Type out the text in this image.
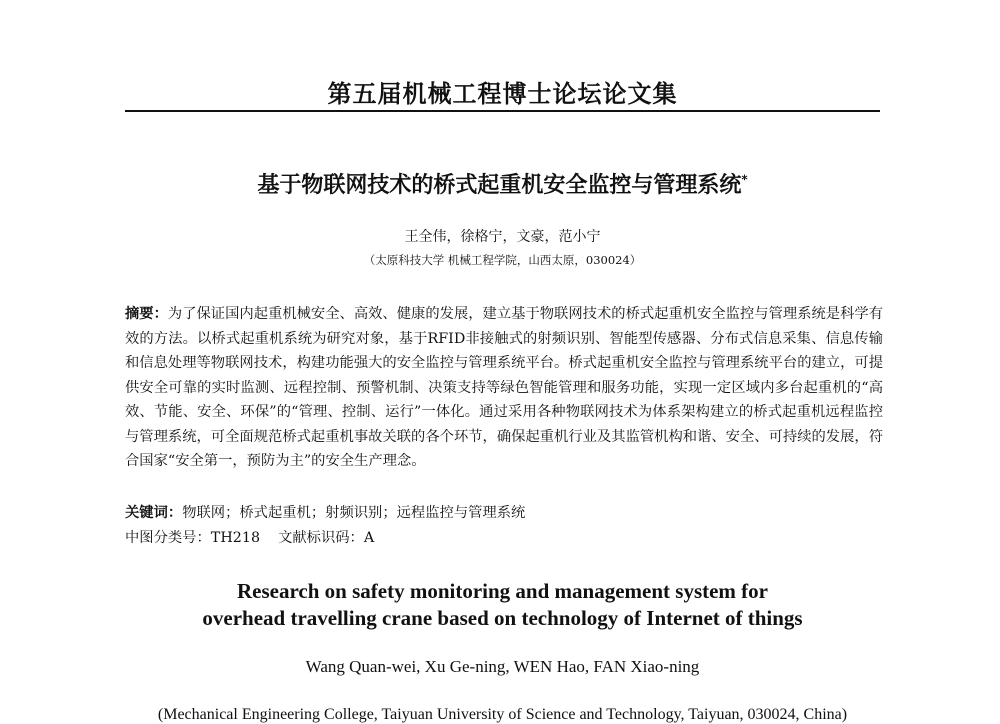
第五届机械工程博士论坛论文集
基于物联网技术的桥式起重机安全监控与管理系统*
王全伟，徐格宁，文豪，范小宁
（太原科技大学 机械工程学院，山西太原，030024）
摘要：为了保证国内起重机械安全、高效、健康的发展，建立基于物联网技术的桥式起重机安全监控与管理系统是科学有效的方法。以桥式起重机系统为研究对象，基于RFID非接触式的射频识别、智能型传感器、分布式信息采集、信息传输和信息处理等物联网技术，构建功能强大的安全监控与管理系统平台。桥式起重机安全监控与管理系统平台的建立，可提供安全可靠的实时监测、远程控制、预警机制、决策支持等绿色智能管理和服务功能，实现一定区域内多台起重机的“高效、节能、安全、环保”的“管理、控制、运行”一体化。通过采用各种物联网技术为体系架构建立的桥式起重机远程监控与管理系统，可全面规范桥式起重机事故关联的各个环节，确保起重机行业及其监管机构和谐、安全、可持续的发展，符合国家“安全第一，预防为主”的安全生产理念。
关键词：物联网；桥式起重机；射频识别；远程监控与管理系统
中图分类号：TH218 文献标识码：A
Research on safety monitoring and management system for
overhead travelling crane based on technology of Internet of things
Wang Quan-wei, Xu Ge-ning, WEN Hao, FAN Xiao-ning
(Mechanical Engineering College, Taiyuan University of Science and Technology, Taiyuan, 030024, China)
